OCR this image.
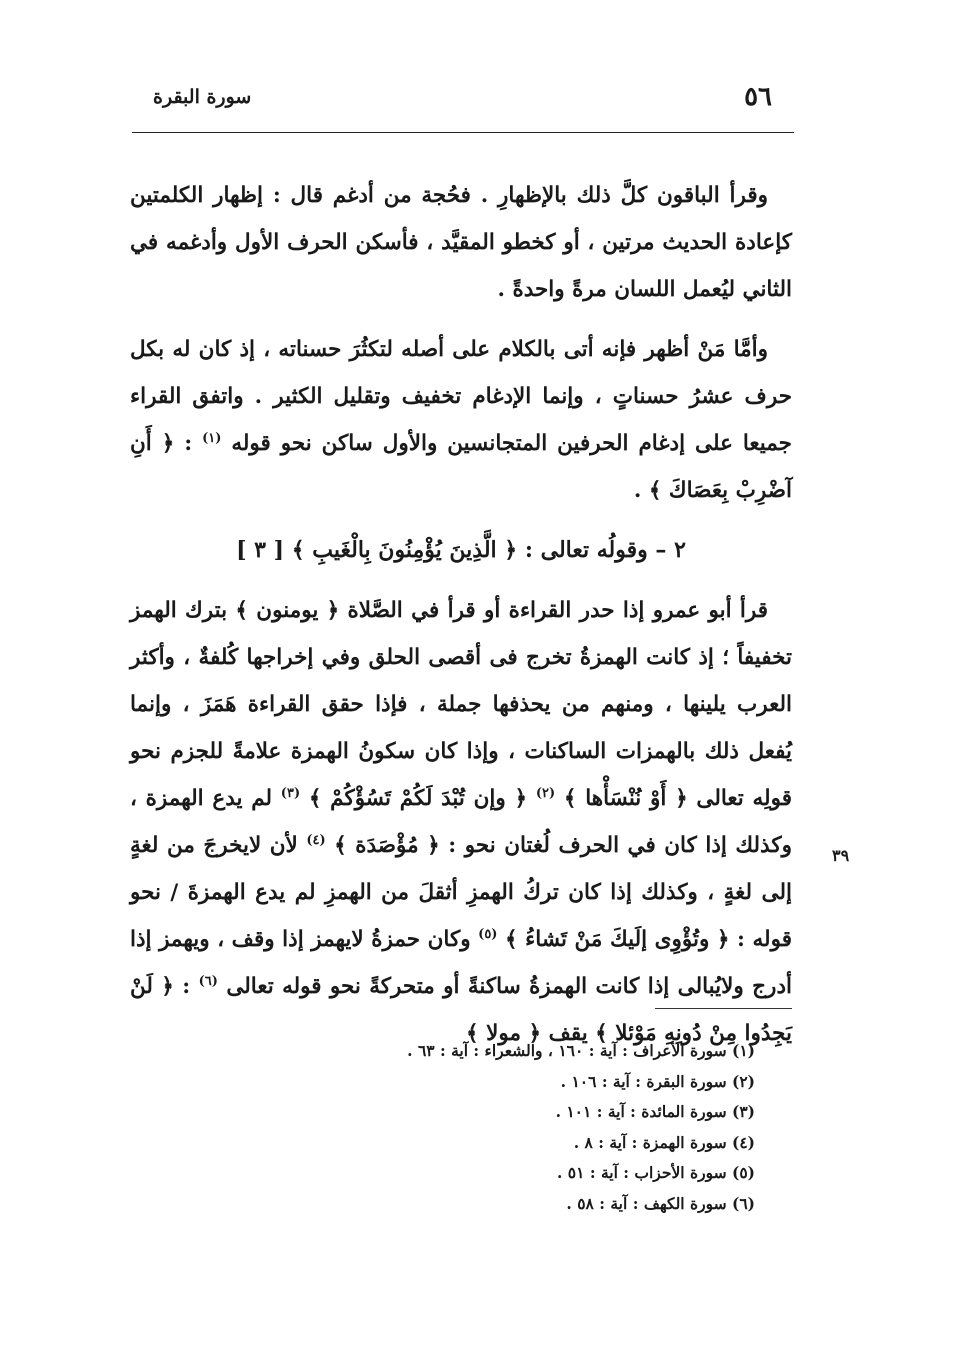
٥٦
سورة البقرة

وقرأ الباقون كلَّ ذلك بالإظهارِ . فحُجة من أدغم قال : إظهار الكلمتين كإعادة الحديث مرتين ، أو كخطو المقيَّد ، فأسكن الحرف الأول وأدغمه في الثاني ليُعمل اللسان مرةً واحدةً .

وأمَّا مَنْ أظهر فإنه أتى بالكلام على أصله لتكثُرَ حسناته ، إذ كان له بكل حرف عشرُ حسناتٍ ، وإنما الإدغام تخفيف وتقليل الكثير . واتفق القراء جميعا على إدغام الحرفين المتجانسين والأول ساكن نحو قوله $^{(١)}$ : ﴿ أَنِ آضْرِبْ بِعَصَاكَ ﴾ .

٢ – وقولُه تعالى : ﴿ الَّذِينَ يُؤْمِنُونَ بِالْغَيبِ ﴾ [ ٣ ]

قرأ أبو عمرو إذا حدر القراءة أو قرأ في الصَّلاة ﴿ يومنون ﴾ بترك الهمز تخفيفاً ؛ إذ كانت الهمزةُ تخرج فى أقصى الحلق وفي إخراجها كُلفةٌ ، وأكثر العرب يلينها ، ومنهم من يحذفها جملة ، فإذا حقق القراءة هَمَزَ ، وإنما يُفعل ذلك بالهمزات الساكنات ، وإذا كان سكونُ الهمزة علامةً للجزم نحو قولِه تعالى ﴿ أَوْ نُنْسَأْها ﴾ $^{(٢)}$ ﴿ وإن تُبْدَ لَكُمْ تَسُؤْكُمْ ﴾ $^{(٣)}$ لم يدع الهمزة ، وكذلك إذا كان في الحرف لُغتان نحو : ﴿ مُؤْصَدَة ﴾ $^{(٤)}$ لأن لايخرجَ من لغةٍ إلى لغةٍ ، وكذلك إذا كان تركُ الهمزِ أثقلَ من الهمزِ لم يدع الهمزةَ / نحو قوله : ﴿ وتُؤْوِى إلَيكَ مَنْ تَشاءُ ﴾ $^{(٥)}$ وكان حمزةُ لايهمز إذا وقف ، ويهمز إذا أدرج ولايُبالى إذا كانت الهمزةُ ساكنةً أو متحركةً نحو قوله تعالى $^{(٦)}$ : ﴿ لَنْ يَجِدُوا مِنْ دُونِهِ مَوْئلا ﴾ يقف ﴿ مولا ﴾

٣٩
(١) سورة الأعراف : آية : ١٦٠ ، والشعراء : آية : ٦٣ .
(٢) سورة البقرة : آية : ١٠٦ .
(٣) سورة المائدة : آية : ١٠١ .
(٤) سورة الهمزة : آية : ٨ .
(٥) سورة الأحزاب : آية : ٥١ .
(٦) سورة الكهف : آية : ٥٨ .
